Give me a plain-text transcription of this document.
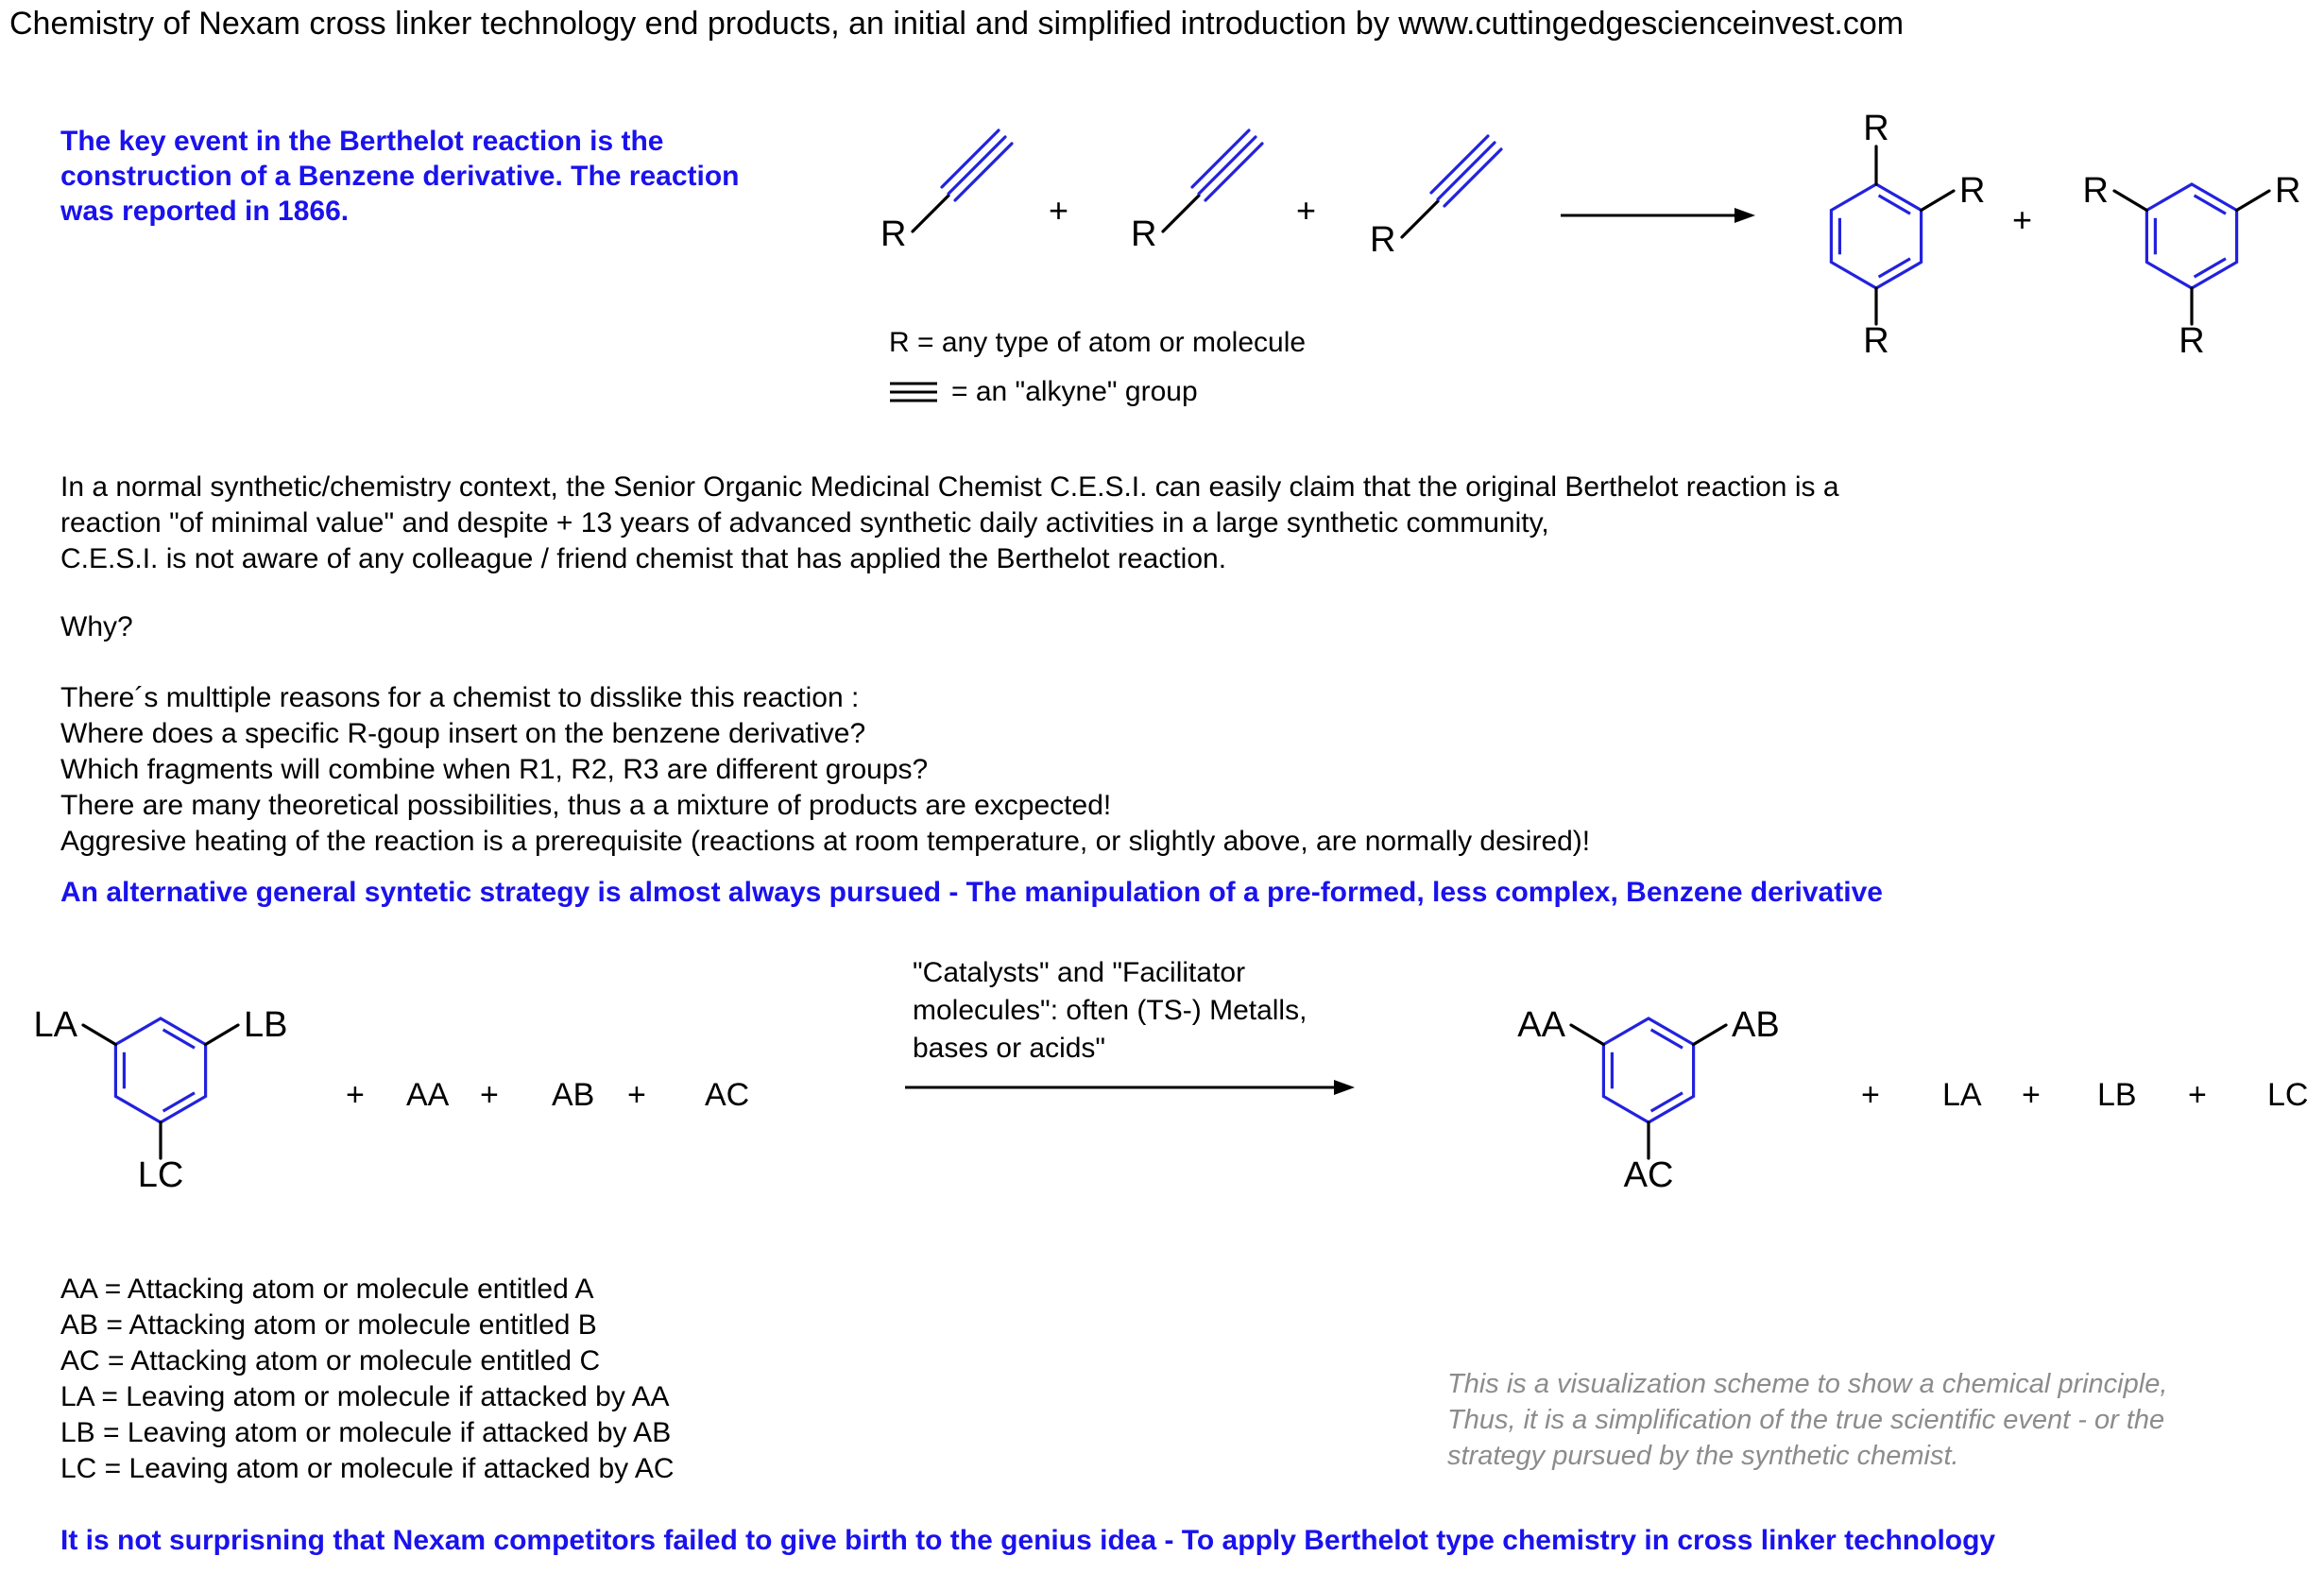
Chemistry of Nexam cross linker technology end products, an initial and simplified introduction by www.cuttingedgescienceinvest.com
The key event in the Berthelot reaction is the
construction of a Benzene derivative. The reaction
was reported in 1866.
R
+
R
+
R
R
R
R
+
R	R
R
R = any type of atom or molecule
= an "alkyne" group
In a normal synthetic/chemistry context, the Senior Organic Medicinal Chemist C.E.S.I. can easily claim that the original Berthelot reaction is a
reaction "of minimal value" and despite + 13 years of advanced synthetic daily activities in a large synthetic community,
C.E.S.I. is not aware of any colleague / friend chemist that has applied the Berthelot reaction.
Why?
There´s multtiple reasons for a chemist to disslike this reaction :
Where does a specific R-goup insert on the benzene derivative?
Which fragments will combine when R1, R2, R3 are different groups?
There are many theoretical possibilities, thus a a mixture of products are excpected!
Aggresive heating of the reaction is a prerequisite (reactions at room temperature, or slightly above, are normally desired)!
An alternative general syntetic strategy is almost always pursued - The manipulation of a pre-formed, less complex, Benzene derivative
LA	LB
LC
+ AA + AB + AC
"Catalysts" and "Facilitator
molecules": often (TS-) Metalls,
bases or acids"
AA	AB
AC
+ LA + LB + LC
AA = Attacking atom or molecule entitled A
AB = Attacking atom or molecule entitled B
AC = Attacking atom or molecule entitled C
LA = Leaving atom or molecule if attacked by AA
LB = Leaving atom or molecule if attacked by AB
LC = Leaving atom or molecule if attacked by AC
This is a visualization scheme to show a chemical principle,
Thus, it is a simplification of the true scientific event - or the
strategy pursued by the synthetic chemist.
It is not surprisning that Nexam competitors failed to give birth to the genius idea - To apply Berthelot type chemistry in cross linker technology
